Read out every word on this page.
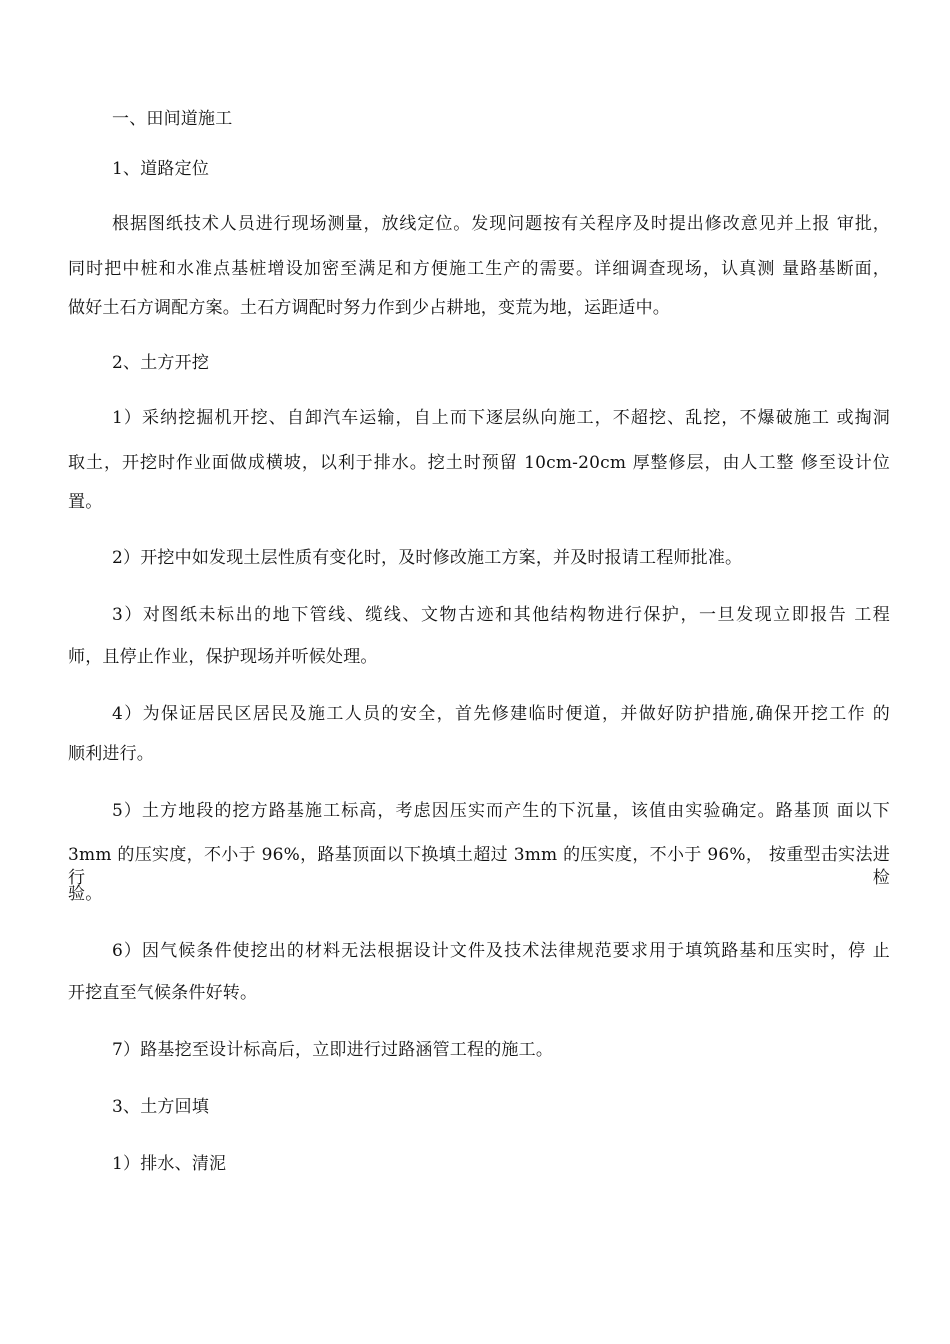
一、田间道施工
1、道路定位
根据图纸技术人员进行现场测量，放线定位。发现问题按有关程序及时提出修改意见并上报 审批，
同时把中桩和水准点基桩增设加密至满足和方便施工生产的需要。详细调查现场，认真测 量路基断面，
做好土石方调配方案。土石方调配时努力作到少占耕地，变荒为地，运距适中。
2、土方开挖
1）采纳挖掘机开挖、自卸汽车运输，自上而下逐层纵向施工，不超挖、乱挖，不爆破施工 或掏洞
取土，开挖时作业面做成横坡，以利于排水。挖土时预留 10cm-20cm 厚整修层，由人工整 修至设计位
置。
2）开挖中如发现土层性质有变化时，及时修改施工方案，并及时报请工程师批准。
3）对图纸未标出的地下管线、缆线、文物古迹和其他结构物进行保护，一旦发现立即报告 工程
师，且停止作业，保护现场并听候处理。
4）为保证居民区居民及施工人员的安全，首先修建临时便道，并做好防护措施,确保开挖工作 的
顺利进行。
5）土方地段的挖方路基施工标高，考虑因压实而产生的下沉量，该值由实验确定。路基顶 面以下
3mm 的压实度，不小于 96%，路基顶面以下换填土超过 3mm 的压实度，不小于 96%， 按重型击实法进行检
验。
6）因气候条件使挖出的材料无法根据设计文件及技术法律规范要求用于填筑路基和压实时，停 止
开挖直至气候条件好转。
7）路基挖至设计标高后，立即进行过路涵管工程的施工。
3、土方回填
1）排水、清泥
